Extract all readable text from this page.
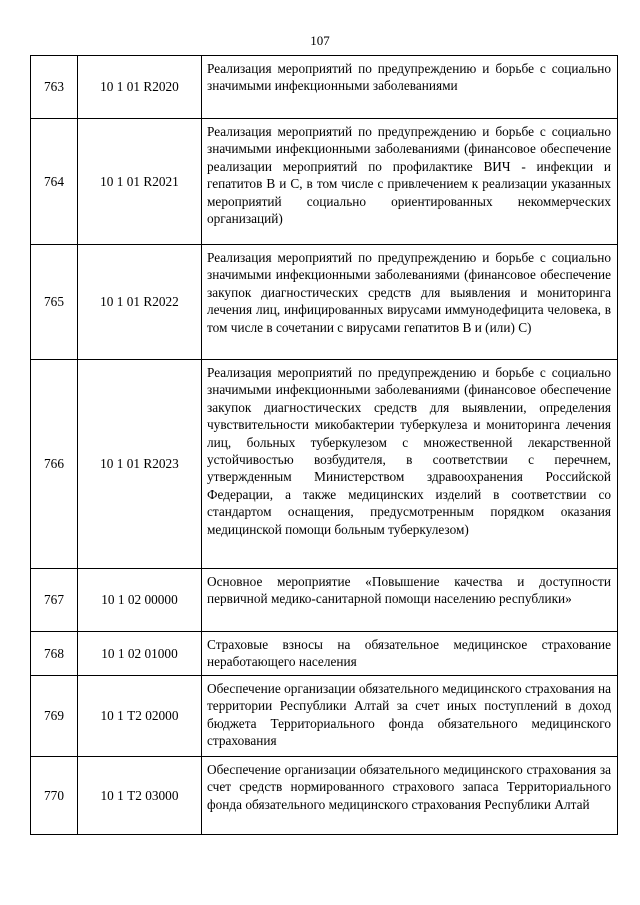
107
763	10 1 01 R2020	Реализация мероприятий по предупреждению и борьбе с социально значимыми инфекционными заболеваниями
764	10 1 01 R2021	Реализация мероприятий по предупреждению и борьбе с социально значимыми инфекционными заболеваниями (финансовое обеспечение реализации мероприятий по профилактике ВИЧ - инфекции и гепатитов В и С, в том числе с привлечением к реализации указанных мероприятий социально ориентированных некоммерческих организаций)
765	10 1 01 R2022	Реализация мероприятий по предупреждению и борьбе с социально значимыми инфекционными заболеваниями (финансовое обеспечение закупок диагностических средств для выявления и мониторинга лечения лиц, инфицированных вирусами иммунодефицита человека, в том числе в сочетании с вирусами гепатитов В и (или) С)
766	10 1 01 R2023	Реализация мероприятий по предупреждению и борьбе с социально значимыми инфекционными заболеваниями (финансовое обеспечение закупок диагностических средств для выявлении, определения чувствительности микобактерии туберкулеза и мониторинга лечения лиц, больных туберкулезом с множественной лекарственной устойчивостью возбудителя, в соответствии с перечнем, утвержденным Министерством здравоохранения Российской Федерации, а также медицинских изделий в соответствии со стандартом оснащения, предусмотренным порядком оказания медицинской помощи больным туберкулезом)
767	10 1 02 00000	Основное мероприятие «Повышение качества и доступности первичной медико-санитарной помощи населению республики»
768	10 1 02 01000	Страховые взносы на обязательное медицинское страхование неработающего населения
769	10 1 Т2 02000	Обеспечение организации обязательного медицинского страхования на территории Республики Алтай за счет иных поступлений в доход бюджета Территориального фонда обязательного медицинского страхования
770	10 1 Т2 03000	Обеспечение организации обязательного медицинского страхования за счет средств нормированного страхового запаса Территориального фонда обязательного медицинского страхования Республики Алтай
